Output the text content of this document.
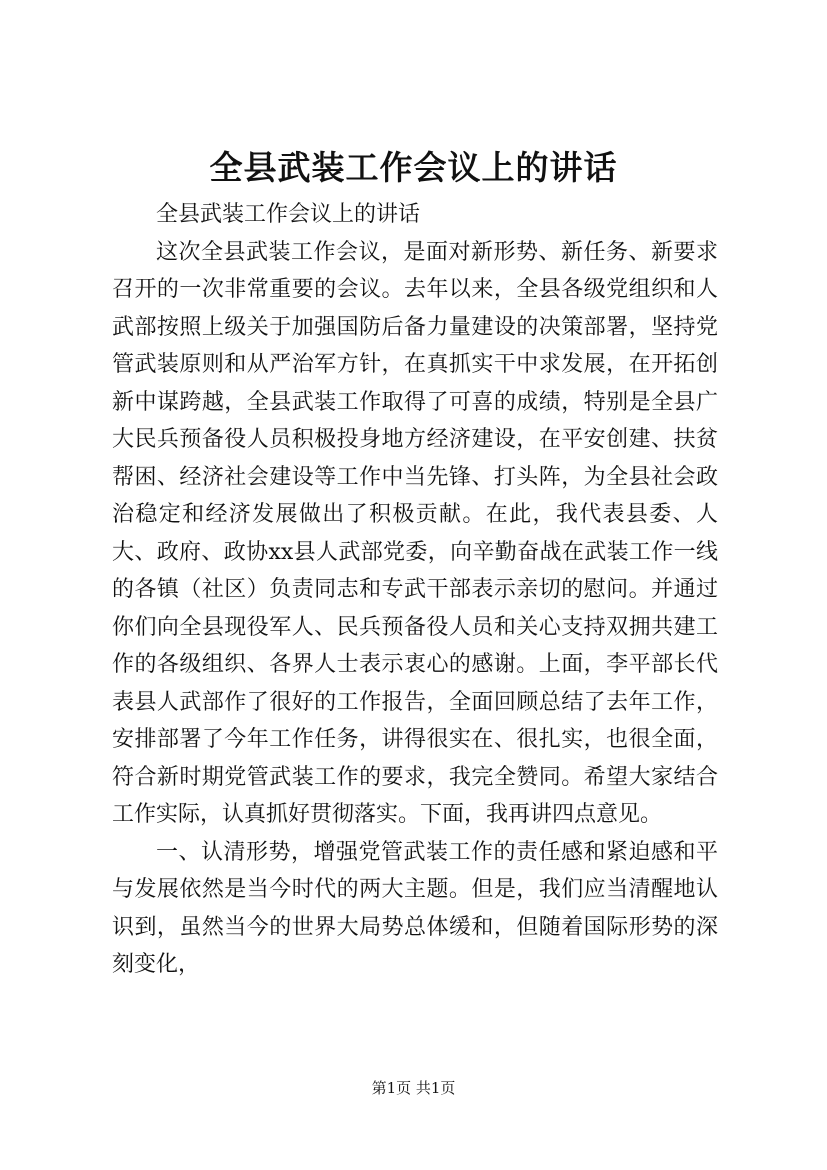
全县武装工作会议上的讲话

全县武装工作会议上的讲话

这次全县武装工作会议，是面对新形势、新任务、新要求召开的一次非常重要的会议。去年以来，全县各级党组织和人武部按照上级关于加强国防后备力量建设的决策部署，坚持党管武装原则和从严治军方针，在真抓实干中求发展，在开拓创新中谋跨越，全县武装工作取得了可喜的成绩，特别是全县广大民兵预备役人员积极投身地方经济建设，在平安创建、扶贫帮困、经济社会建设等工作中当先锋、打头阵，为全县社会政治稳定和经济发展做出了积极贡献。在此，我代表县委、人大、政府、政协xx县人武部党委，向辛勤奋战在武装工作一线的各镇（社区）负责同志和专武干部表示亲切的慰问。并通过你们向全县现役军人、民兵预备役人员和关心支持双拥共建工作的各级组织、各界人士表示衷心的感谢。上面，李平部长代表县人武部作了很好的工作报告，全面回顾总结了去年工作，安排部署了今年工作任务，讲得很实在、很扎实，也很全面，符合新时期党管武装工作的要求，我完全赞同。希望大家结合工作实际，认真抓好贯彻落实。下面，我再讲四点意见。

一、认清形势，增强党管武装工作的责任感和紧迫感和平与发展依然是当今时代的两大主题。但是，我们应当清醒地认识到，虽然当今的世界大局势总体缓和，但随着国际形势的深刻变化，

第1页 共1页
